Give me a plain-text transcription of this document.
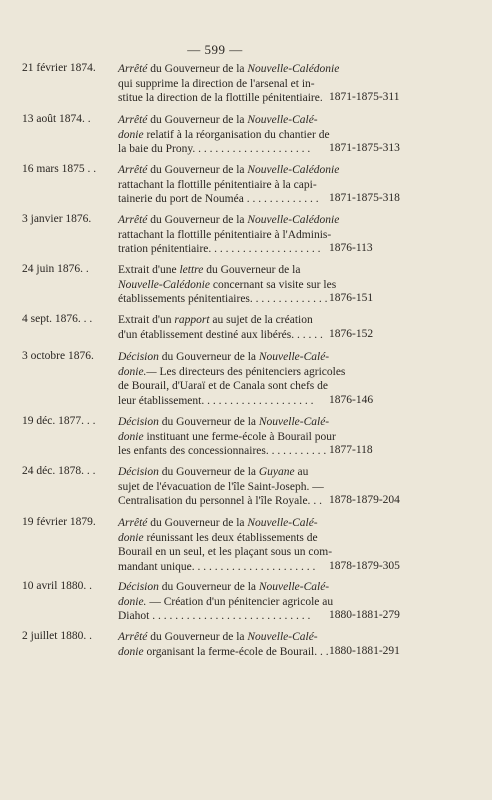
— 599 —
21 février 1874. Arrêté du Gouverneur de la Nouvelle-Calédonie
qui supprime la direction de l'arsenal et in-
stitue la direction de la flottille pénitentiaire. 1871-1875-311
13 août 1874. . Arrêté du Gouverneur de la Nouvelle-Calé-
donie relatif à la réorganisation du chantier de
la baie du Prony. . . . . . . . . . . . . . . . . . . . .	1871-1875-313
16 mars 1875 . . Arrêté du Gouverneur de la Nouvelle-Calédonie
rattachant la flottille pénitentiaire à la capi-
tainerie du port de Nouméa . . . . . . . . . . . . . 1871-1875-318
3 janvier 1876. Arrêté du Gouverneur de la Nouvelle-Calédonie
rattachant la flottille pénitentiaire à l'Adminis-
tration pénitentiaire. . . . . . . . . . . . . . . . . . . . 1876-113
24 juin 1876. .	Extrait d'une lettre du Gouverneur de la
Nouvelle-Calédonie concernant sa visite sur les
établissements pénitentiaires. . . . . . . . . . . . . . 1876-151
4 sept. 1876. . . Extrait d'un rapport au sujet de la création
d'un établissement destiné aux libérés. . . . . . 1876-152
3 octobre 1876. Décision du Gouverneur de la Nouvelle-Calé-
donie.— Les directeurs des pénitenciers agricoles
de Bourail, d'Uaraï et de Canala sont chefs de
leur établissement. . . . . . . . . . . . . . . . . . . .	1876-146
19 déc. 1877. . . Décision du Gouverneur de la Nouvelle-Calé-
donie instituant une ferme-école à Bourail pour
les enfants des concessionnaires. . . . . . . . . . . 1877-118
24 déc. 1878. . . Décision du Gouverneur de la Guyane au
sujet de l'évacuation de l'île Saint-Joseph. —
Centralisation du personnel à l'île Royale. . . 1878-1879-204
19 février 1879. Arrêté du Gouverneur de la Nouvelle-Calé-
donie réunissant les deux établissements de
Bourail en un seul, et les plaçant sous un com-
mandant unique. . . . . . . . . . . . . . . . . . . . . .	1878-1879-305
10 avril 1880. . Décision du Gouverneur de la Nouvelle-Calé-
donie. — Création d'un pénitencier agricole au
Diahot . . . . . . . . . . . . . . . . . . . . . . . . . . . .	1880-1881-279
2 juillet 1880. . Arrêté du Gouverneur de la Nouvelle-Calé-
donie organisant la ferme-école de Bourail. . . 1880-1881-291
